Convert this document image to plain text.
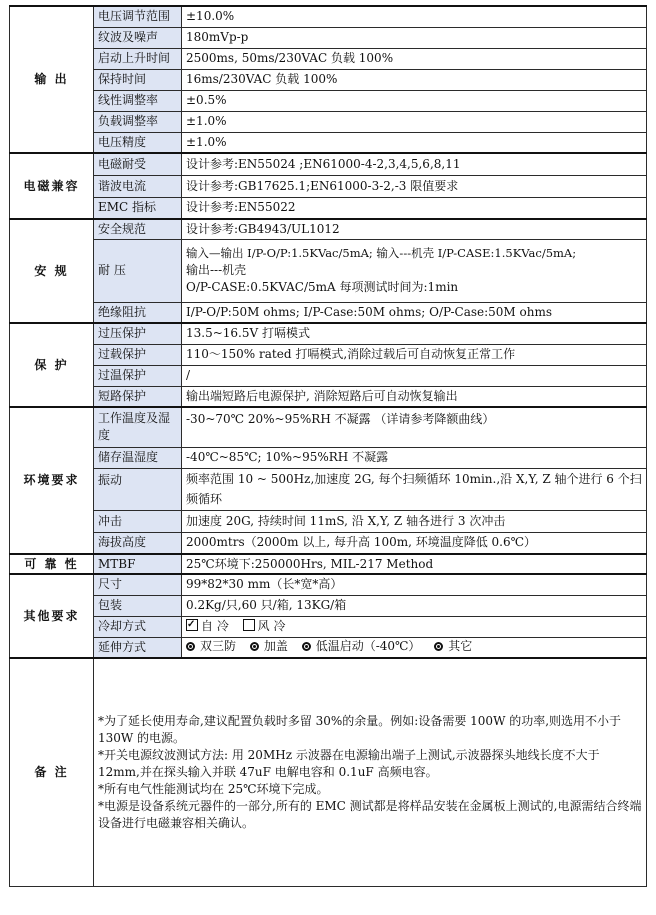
输 出	电压调节范围	±10.0%
	纹波及噪声	180mVp-p
	启动上升时间	2500ms, 50ms/230VAC 负载 100%
	保持时间	16ms/230VAC 负载 100%
	线性调整率	±0.5%
	负载调整率	±1.0%
	电压精度	±1.0%
电磁兼容	电磁耐受	设计参考:EN55024 ;EN61000-4-2,3,4,5,6,8,11
	谐波电流	设计参考:GB17625.1;EN61000-3-2,-3 限值要求
	EMC 指标	设计参考:EN55022
安 规	安全规范	设计参考:GB4943/UL1012
	耐 压	输入—输出 I/P-O/P:1.5KVac/5mA; 输入---机壳 I/P-CASE:1.5KVac/5mA;
输出---机壳
O/P-CASE:0.5KVAC/5mA 每项测试时间为:1min

	绝缘阻抗	I/P-O/P:50M ohms; I/P-Case:50M ohms; O/P-Case:50M ohms
保 护	过压保护	13.5~16.5V 打嗝模式
	过载保护	110～150% rated 打嗝模式,消除过载后可自动恢复正常工作
	过温保护	/
	短路保护	输出端短路后电源保护, 消除短路后可自动恢复输出
环境要求	工作温度及湿度	-30~70℃ 20%~95%RH 不凝露 （详请参考降额曲线）
	储存温湿度	-40℃~85℃; 10%~95%RH 不凝露
	振动	频率范围 10 ~ 500Hz,加速度 2G, 每个扫频循环 10min.,沿 X,Y, Z 轴个进行 6 个扫频循环
	冲击	加速度 20G, 持续时间 11mS, 沿 X,Y, Z 轴各进行 3 次冲击
	海拔高度	2000mtrs（2000m 以上, 每升高 100m, 环境温度降低 0.6℃）
可 靠 性	MTBF	25℃环境下:250000Hrs, MIL-217 Method
其他要求	尺寸	99*82*30 mm（长*宽*高）
	包装	0.2Kg/只,60 只/箱, 13KG/箱
	冷却方式	✓自 冷 风 冷
	延伸方式	双三防
加盖
低温启动（-40℃）
其它

备 注	*为了延长使用寿命,建议配置负载时多留 30%的余量。例如:设备需要 100W 的功率,则选用不小于 130W 的电源。

*开关电源纹波测试方法: 用 20MHz 示波器在电源输出端子上测试,示波器探头地线长度不大于 12mm,并在探头输入并联 47uF 电解电容和 0.1uF 高频电容。

*所有电气性能测试均在 25℃环境下完成。

*电源是设备系统元器件的一部分,所有的 EMC 测试都是将样品安装在金属板上测试的,电源需结合终端设备进行电磁兼容相关确认。	
